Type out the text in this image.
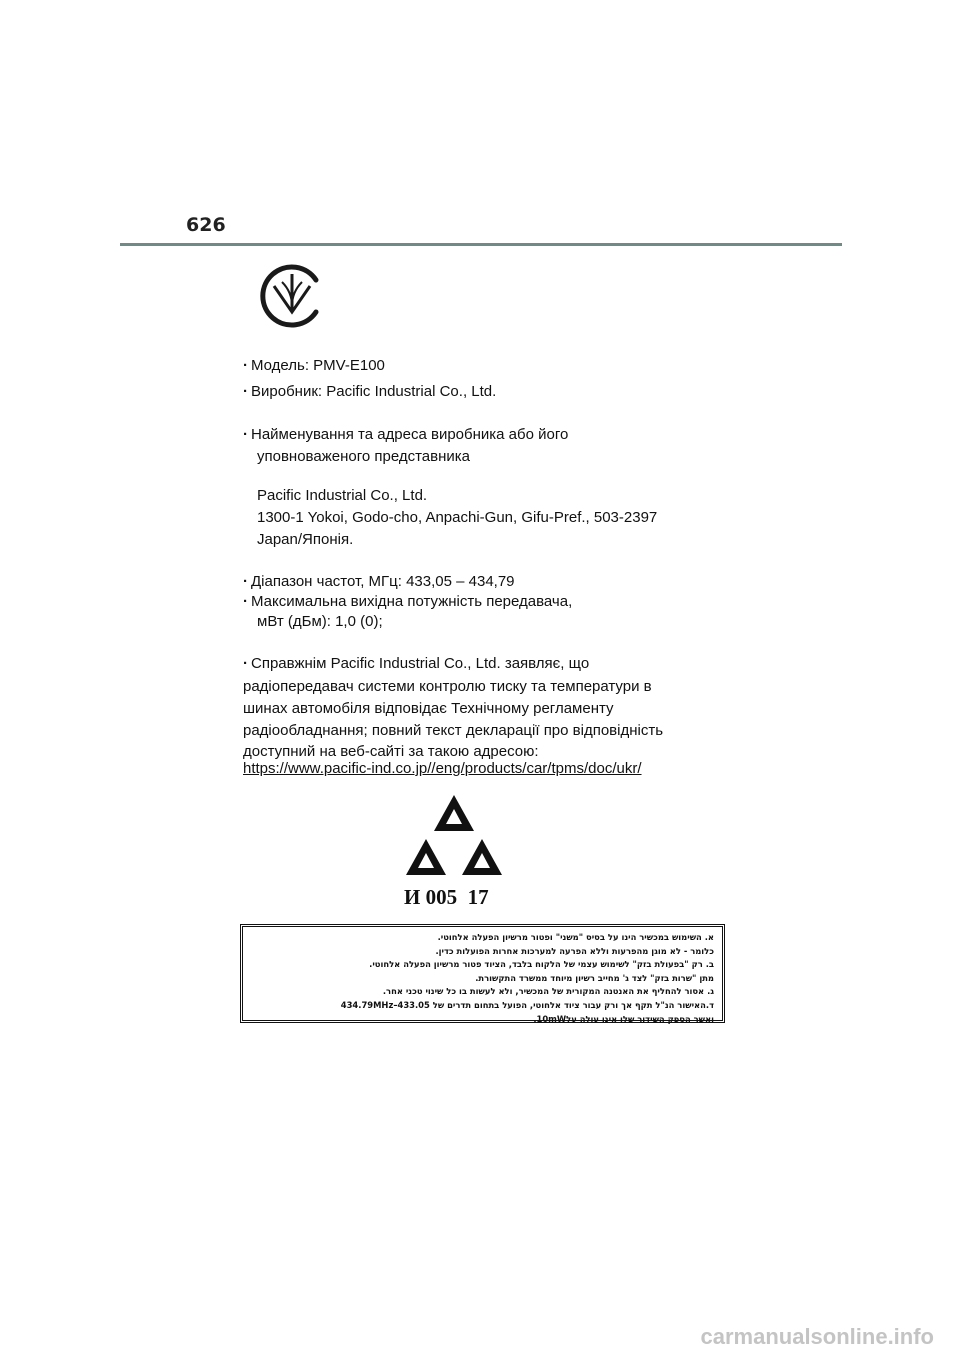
626
· Модель: PMV-E100
· Виробник: Pacific Industrial Co., Ltd.
· Найменування та адреса виробника або його
уповноваженого представника
Pacific Industrial Co., Ltd.
1300-1 Yokoi, Godo-cho, Anpachi-Gun, Gifu-Pref., 503-2397
Japan/Японія.
· Діапазон частот, МГц: 433,05 – 434,79
· Максимальна вихідна потужність передавача,
мВт (дБм): 1,0 (0);
· Справжнім Pacific Industrial Co., Ltd. заявляє, що
радіопередавач системи контролю тиску та температури в
шинах автомобіля відповідає Технічному регламенту
радіообладнання; повний текст декларації про відповідність
доступний на веб-сайті за такою адресою:
https://www.pacific-ind.co.jp//eng/products/car/tpms/doc/ukr/
И 005  17
א. השימוש במכשיר הינו על בסיס "משני" ופטור מרשיון הפעלה אלחוטי.
כלומר - לא מוגן מהפרעות וללא הפרעה למערכות אחרות הפועלות כדין.
ב. רק "בפעולת בזק" לשימוש עצמי של הלקוח בלבד, הציוד פטור מרשיון הפעלה אלחוטי.
מתן "שרות בזק" לצד ג' מחייב רשיון מיוחד ממשרד התקשורת.
ג. אסור להחליף את האנטנה המקורית של המכשיר, ולא לעשות בו כל שינוי טכני אחר.
ד.האישור הנ"ל תקף אך ורק עבור ציוד אלחוטי, הפועל בתחום תדרים של 433.05–434.79MHz
ואשר הספק השידור שלו אינו עולה על10mW.
carmanualsonline.info
